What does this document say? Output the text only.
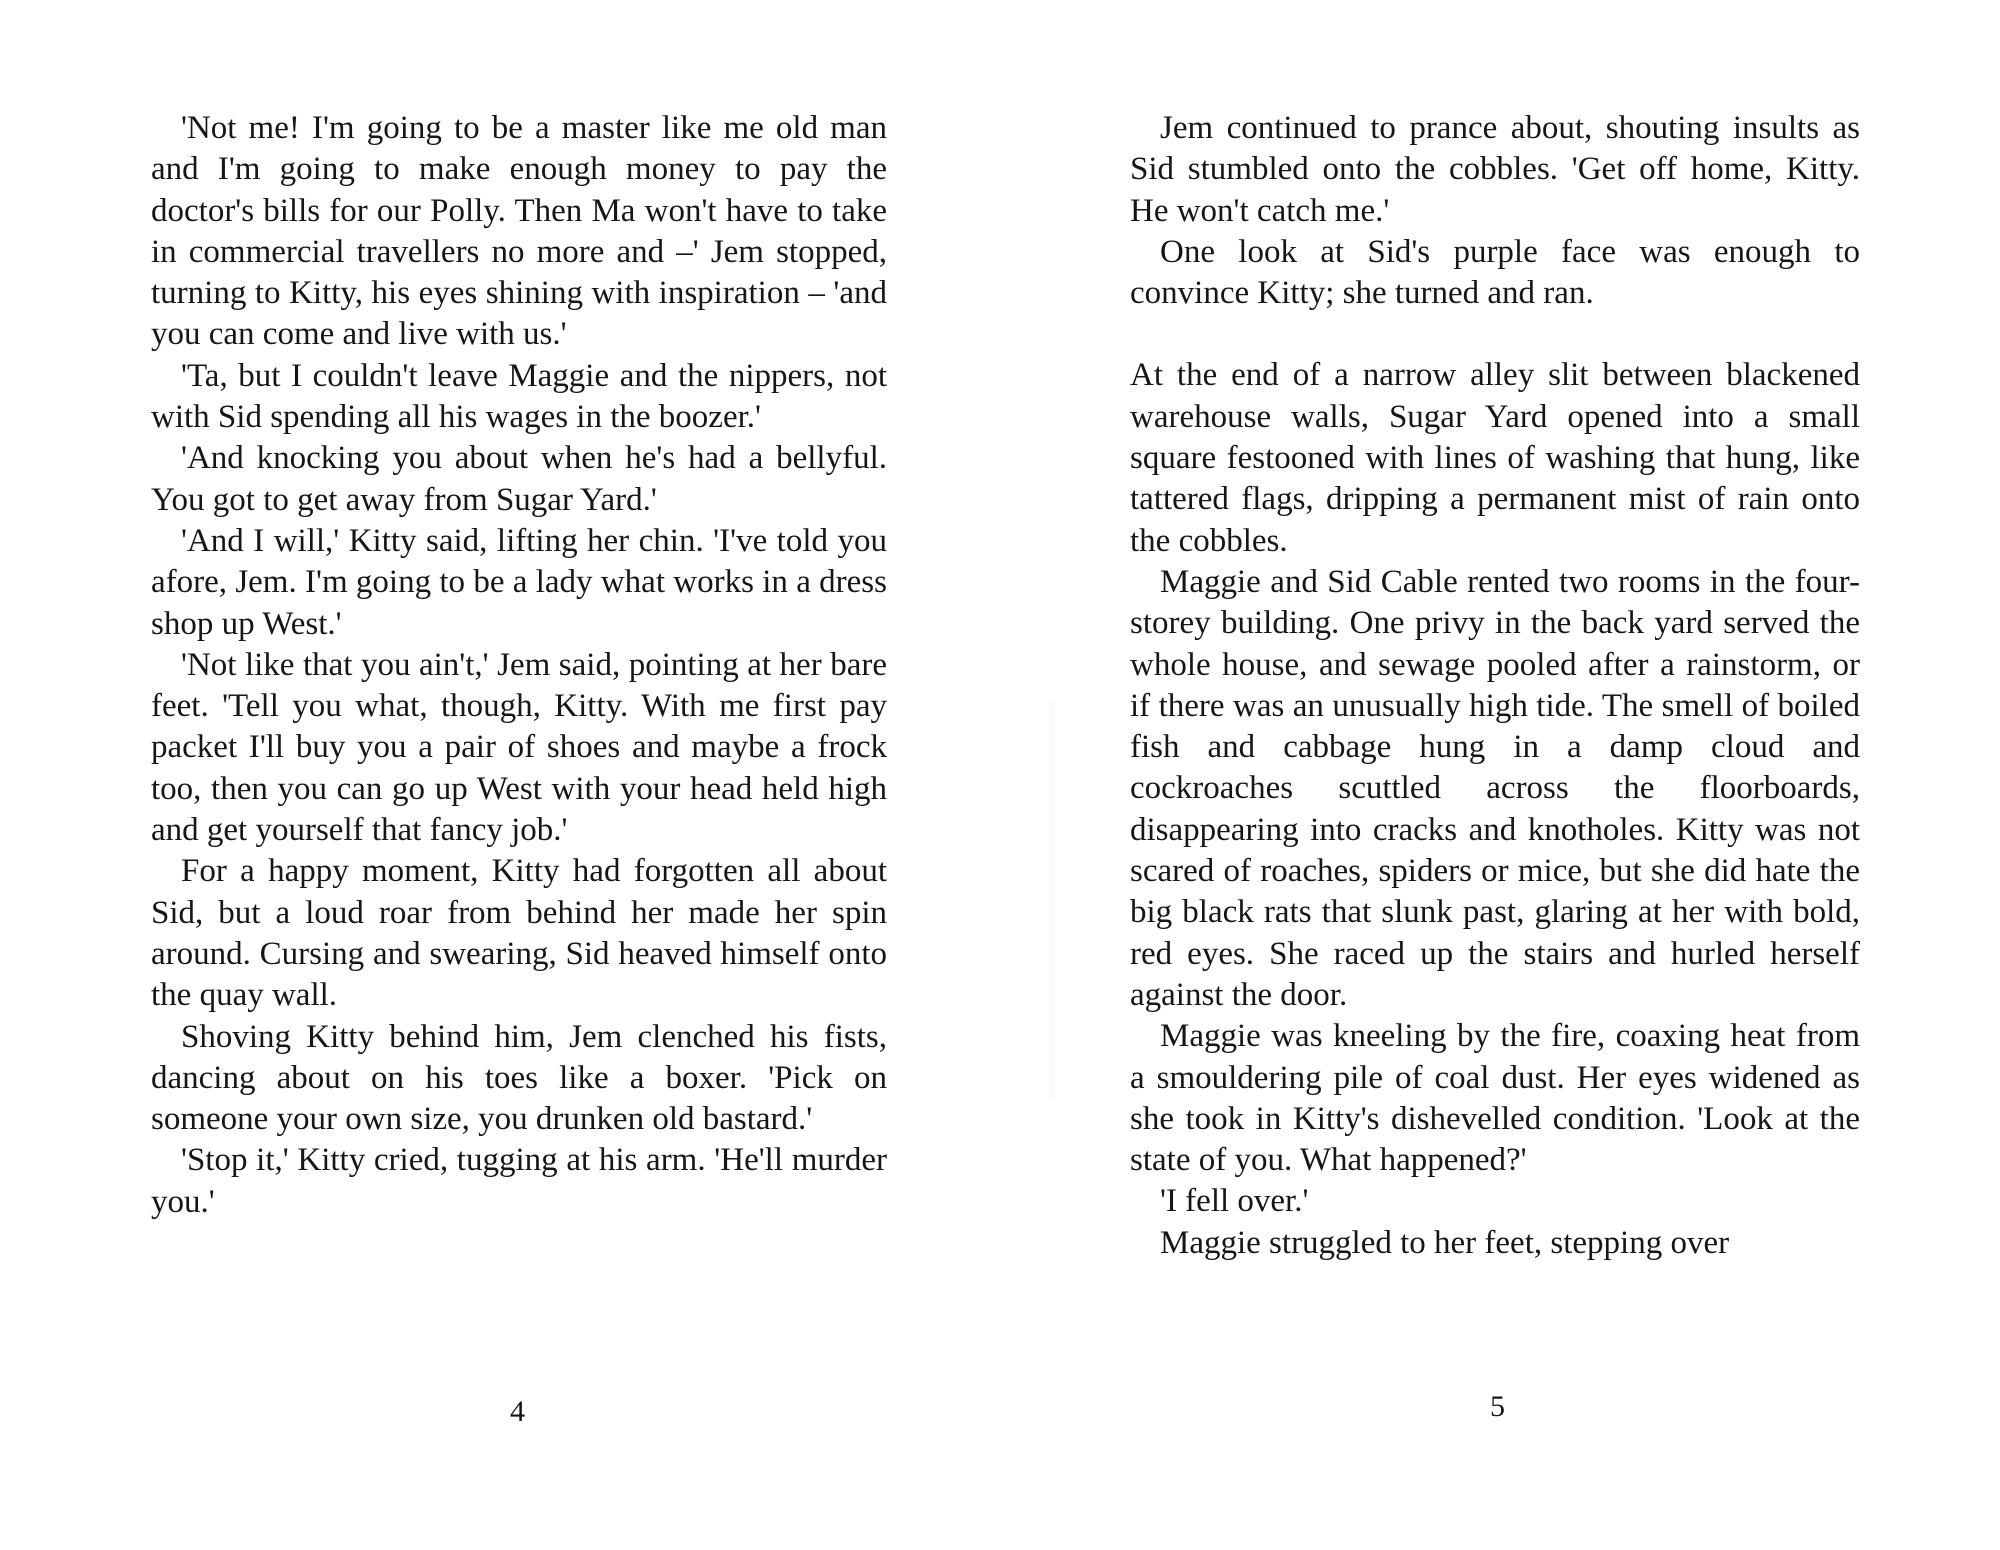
'Not me! I'm going to be a master like me old man and I'm going to make enough money to pay the doctor's bills for our Polly. Then Ma won't have to take in commercial travellers no more and –' Jem stopped, turning to Kitty, his eyes shining with inspiration – 'and you can come and live with us.'

'Ta, but I couldn't leave Maggie and the nippers, not with Sid spending all his wages in the boozer.'

'And knocking you about when he's had a bellyful. You got to get away from Sugar Yard.'

'And I will,' Kitty said, lifting her chin. 'I've told you afore, Jem. I'm going to be a lady what works in a dress shop up West.'

'Not like that you ain't,' Jem said, pointing at her bare feet. 'Tell you what, though, Kitty. With me first pay packet I'll buy you a pair of shoes and maybe a frock too, then you can go up West with your head held high and get yourself that fancy job.'

For a happy moment, Kitty had forgotten all about Sid, but a loud roar from behind her made her spin around. Cursing and swearing, Sid heaved himself onto the quay wall.

Shoving Kitty behind him, Jem clenched his fists, dancing about on his toes like a boxer. 'Pick on someone your own size, you drunken old bastard.'

'Stop it,' Kitty cried, tugging at his arm. 'He'll murder you.'

4

Jem continued to prance about, shouting insults as Sid stumbled onto the cobbles. 'Get off home, Kitty. He won't catch me.'

One look at Sid's purple face was enough to convince Kitty; she turned and ran.

At the end of a narrow alley slit between blackened warehouse walls, Sugar Yard opened into a small square festooned with lines of washing that hung, like tattered flags, dripping a permanent mist of rain onto the cobbles.

Maggie and Sid Cable rented two rooms in the four-storey building. One privy in the back yard served the whole house, and sewage pooled after a rainstorm, or if there was an unusually high tide. The smell of boiled fish and cabbage hung in a damp cloud and cockroaches scuttled across the floorboards, disappearing into cracks and knotholes. Kitty was not scared of roaches, spiders or mice, but she did hate the big black rats that slunk past, glaring at her with bold, red eyes. She raced up the stairs and hurled herself against the door.

Maggie was kneeling by the fire, coaxing heat from a smouldering pile of coal dust. Her eyes widened as she took in Kitty's dishevelled condition. 'Look at the state of you. What happened?'

'I fell over.'

Maggie struggled to her feet, stepping over

5
